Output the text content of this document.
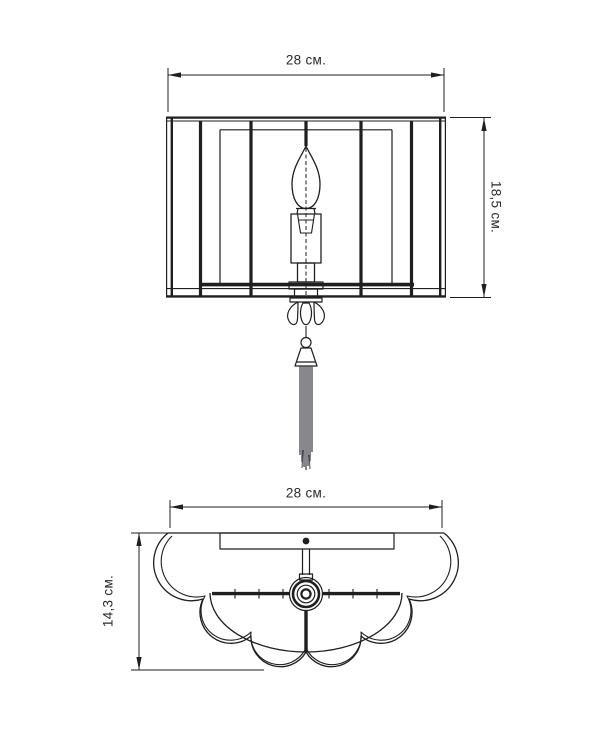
28 см.
18,5 см.
28 см.
14,3 см.
